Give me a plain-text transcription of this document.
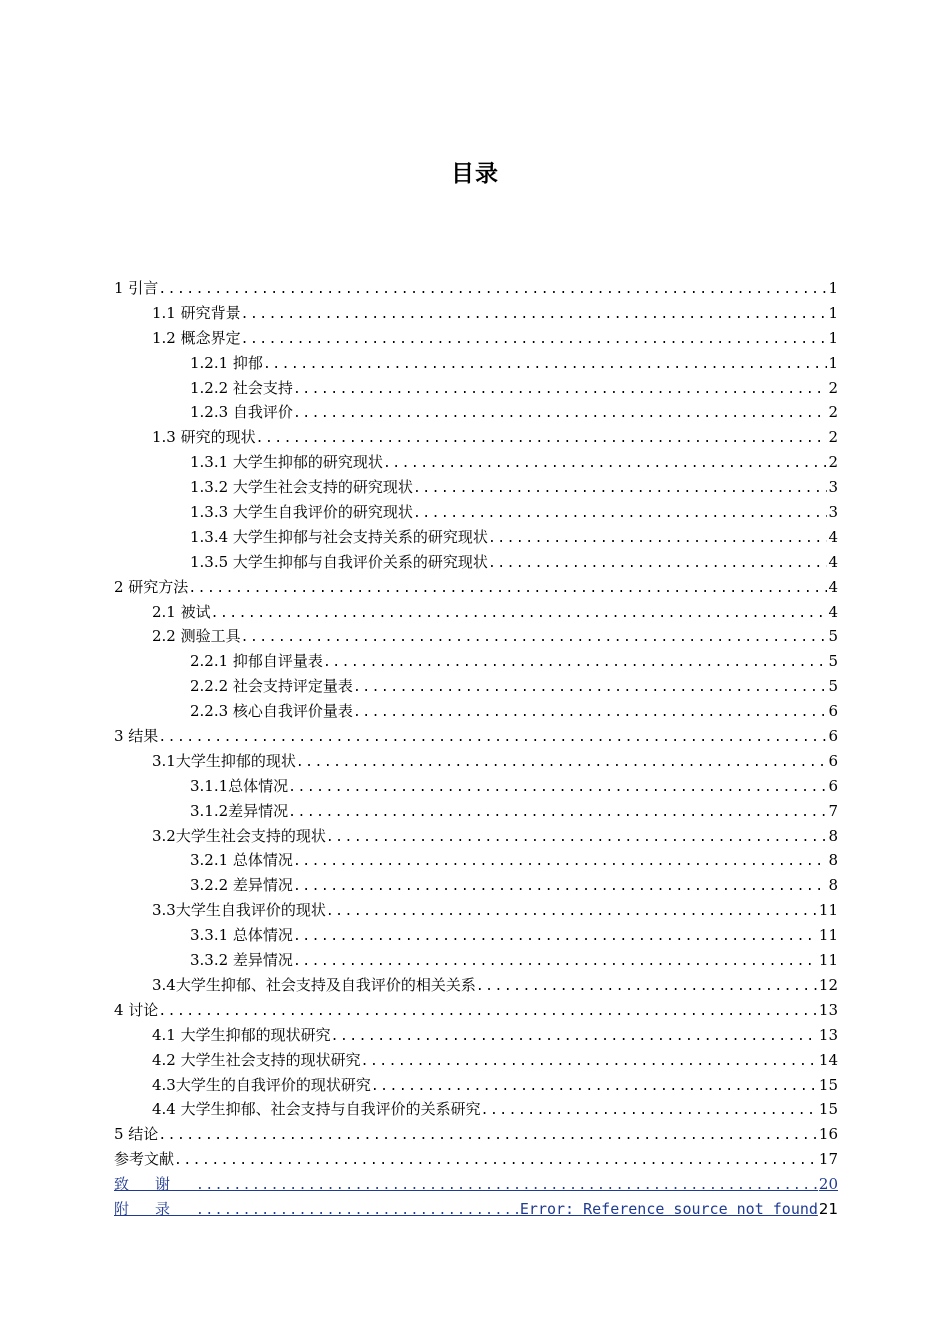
目录
1 引言 .....	1
1.1 研究背景 .....	1
1.2 概念界定 .....	1
1.2.1 抑郁 .....	1
1.2.2 社会支持 .....	2
1.2.3 自我评价 .....	2
1.3 研究的现状 .....	2
1.3.1 大学生抑郁的研究现状 .....	2
1.3.2 大学生社会支持的研究现状 .....	3
1.3.3 大学生自我评价的研究现状 .....	3
1.3.4 大学生抑郁与社会支持关系的研究现状 .....	4
1.3.5 大学生抑郁与自我评价关系的研究现状 .....	4
2 研究方法 .....	4
2.1 被试 .....	4
2.2 测验工具 .....	5
2.2.1 抑郁自评量表 .....	5
2.2.2 社会支持评定量表 .....	5
2.2.3 核心自我评价量表 .....	6
3 结果 .....	6
3.1大学生抑郁的现状 .....	6
3.1.1总体情况 .....	6
3.1.2差异情况 .....	7
3.2大学生社会支持的现状 .....	8
3.2.1 总体情况 .....	8
3.2.2 差异情况 .....	8
3.3大学生自我评价的现状 .....	11
3.3.1 总体情况 .....	11
3.3.2 差异情况 .....	11
3.4大学生抑郁、社会支持及自我评价的相关关系 .....	12
4 讨论 .....	13
4.1 大学生抑郁的现状研究 .....	13
4.2 大学生社会支持的现状研究 .....	14
4.3大学生的自我评价的现状研究 .....	15
4.4 大学生抑郁、社会支持与自我评价的关系研究 .....	15
5 结论 .....	16
参考文献 .....	17
致谢 .....	20
附录 .....	Error: Reference source not found 21
